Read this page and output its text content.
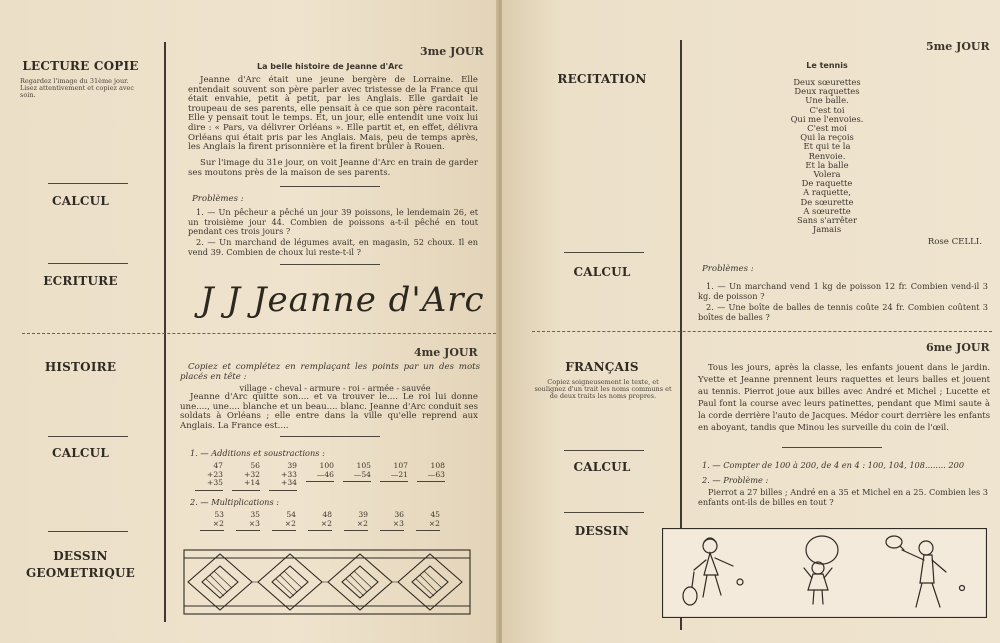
LECTURE COPIE
Regardez l'image du 31ème jour. Lisez attentivement et copiez avec soin.
CALCUL
ECRITURE
HISTOIRE
CALCUL
DESSIN GEOMETRIQUE
3me JOUR
La belle histoire de Jeanne d'Arc
Jeanne d'Arc était une jeune bergère de Lorraine. Elle entendait souvent son père parler avec tristesse de la France qui était envahie, petit à petit, par les Anglais. Elle gardait le troupeau de ses parents, elle pensait à ce que son père racontait. Elle y pensait tout le temps. Et, un jour, elle entendit une voix lui dire : « Pars, va délivrer Orléans ». Elle partit et, en effet, délivra Orléans qui était pris par les Anglais. Mais, peu de temps après, les Anglais la firent prisonnière et la firent brûler à Rouen.
Sur l'image du 31e jour, on voit Jeanne d'Arc en train de garder ses moutons près de la maison de ses parents.
Problèmes :
1. — Un pêcheur a pêché un jour 39 poissons, le lendemain 26, et un troisième jour 44. Combien de poissons a-t-il pêché en tout pendant ces trois jours ?
2. — Un marchand de légumes avait, en magasin, 52 choux. Il en vend 39. Combien de choux lui reste-t-il ?
J J Jeanne d'Arc
4me JOUR
Copiez et complétez en remplaçant les points par un des mots placés en tête :
village - cheval - armure - roi - armée - sauvée
Jeanne d'Arc quitte son.... et va trouver le.... Le roi lui donne une...., une.... blanche et un beau.... blanc. Jeanne d'Arc conduit ses soldats à Orléans ; elle entre dans la ville qu'elle reprend aux Anglais. La France est....
1. — Additions et soustractions :
47
+23
+35
56
+32
+14
39
+33
+34
100
—46
105
—54
107
—21
108
—63
2. — Multiplications :
53
×2
35
×3
54
×2
48
×2
39
×2
36
×3
45
×2
RECITATION
CALCUL
FRANÇAIS
Copiez soigneusement le texte, et soulignez d'un trait les noms communs et de deux traits les noms propres.
CALCUL
DESSIN
5me JOUR
Le tennis
Deux sœurettes
Deux raquettes
Une balle.
C'est toi
Qui me l'envoies.
C'est moi
Qui la reçois
Et qui te la
Renvoie.
Et la balle
Volera
De raquette
A raquette,
De sœurette
A sœurette
Sans s'arrêter
Jamais
Rose CELLI.
Problèmes :
1. — Un marchand vend 1 kg de poisson 12 fr. Combien vend-il 3 kg. de poisson ?
2. — Une boîte de balles de tennis coûte 24 fr. Combien coûtent 3 boîtes de balles ?
6me JOUR
Tous les jours, après la classe, les enfants jouent dans le jardin. Yvette et Jeanne prennent leurs raquettes et leurs balles et jouent au tennis. Pierrot joue aux billes avec André et Michel ; Lucette et Paul font la course avec leurs patinettes, pendant que Mimi saute à la corde derrière l'auto de Jacques. Médor court derrière les enfants en aboyant, tandis que Minou les surveille du coin de l'œil.
1. — Compter de 100 à 200, de 4 en 4 : 100, 104, 108........ 200
2. — Problème :
Pierrot a 27 billes ; André en a 35 et Michel en a 25. Combien les 3 enfants ont-ils de billes en tout ?
